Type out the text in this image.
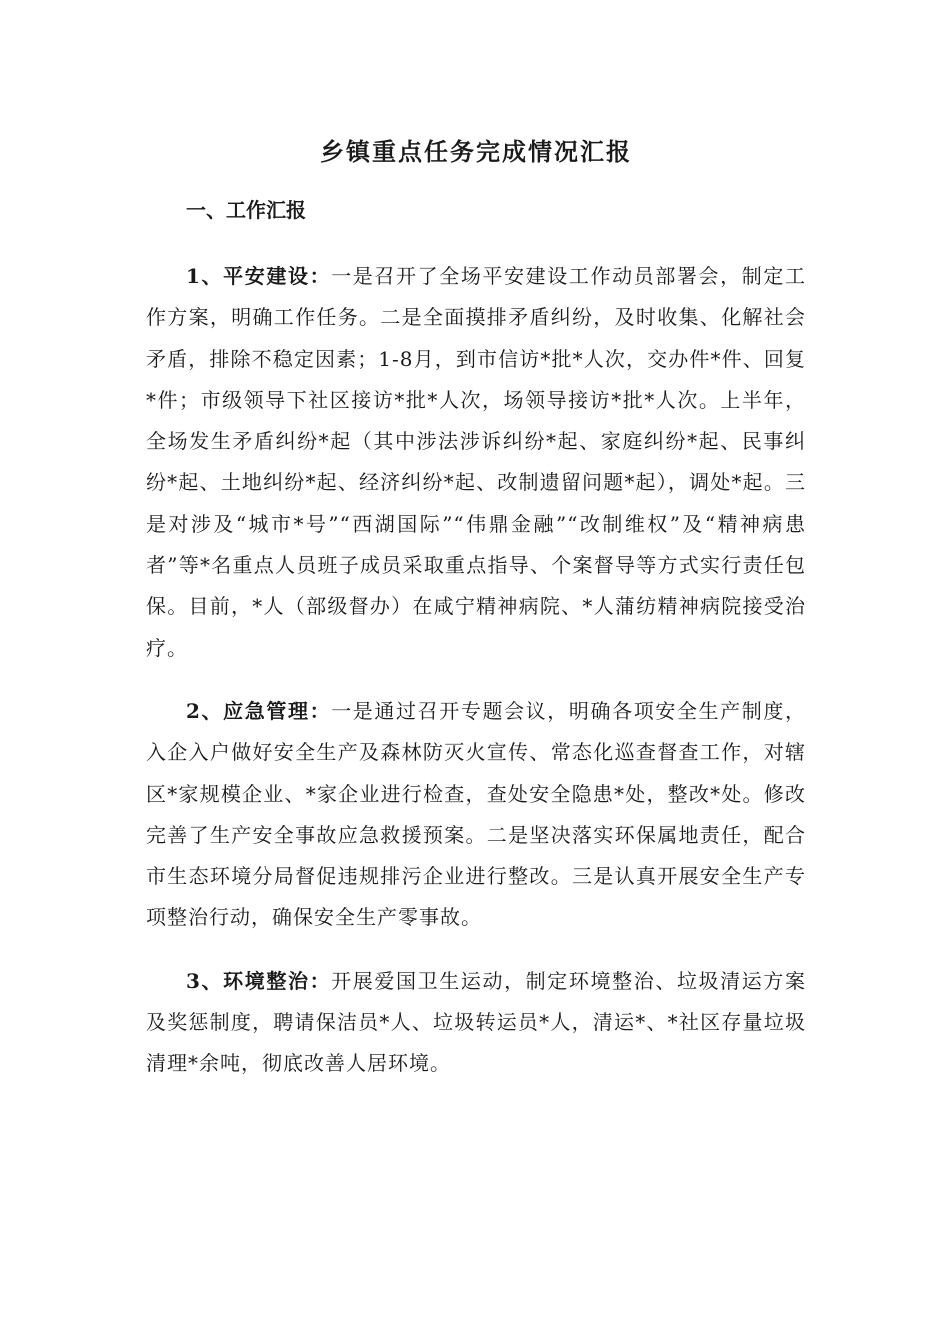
乡镇重点任务完成情况汇报
一、工作汇报

1、平安建设：一是召开了全场平安建设工作动员部署会，制定工作方案，明确工作任务。二是全面摸排矛盾纠纷，及时收集、化解社会矛盾，排除不稳定因素；1-8月，到市信访*批*人次，交办件*件、回复*件；市级领导下社区接访*批*人次，场领导接访*批*人次。上半年，全场发生矛盾纠纷*起（其中涉法涉诉纠纷*起、家庭纠纷*起、民事纠纷*起、土地纠纷*起、经济纠纷*起、改制遗留问题*起），调处*起。三是对涉及“城市*号”“西湖国际”“伟鼎金融”“改制维权”及“精神病患者”等*名重点人员班子成员采取重点指导、个案督导等方式实行责任包保。目前，*人（部级督办）在咸宁精神病院、*人蒲纺精神病院接受治疗。

2、应急管理：一是通过召开专题会议，明确各项安全生产制度，入企入户做好安全生产及森林防灭火宣传、常态化巡查督查工作，对辖区*家规模企业、*家企业进行检查，查处安全隐患*处，整改*处。修改完善了生产安全事故应急救援预案。二是坚决落实环保属地责任，配合市生态环境分局督促违规排污企业进行整改。三是认真开展安全生产专项整治行动，确保安全生产零事故。

3、环境整治：开展爱国卫生运动，制定环境整治、垃圾清运方案及奖惩制度，聘请保洁员*人、垃圾转运员*人，清运*、*社区存量垃圾清理*余吨，彻底改善人居环境。
